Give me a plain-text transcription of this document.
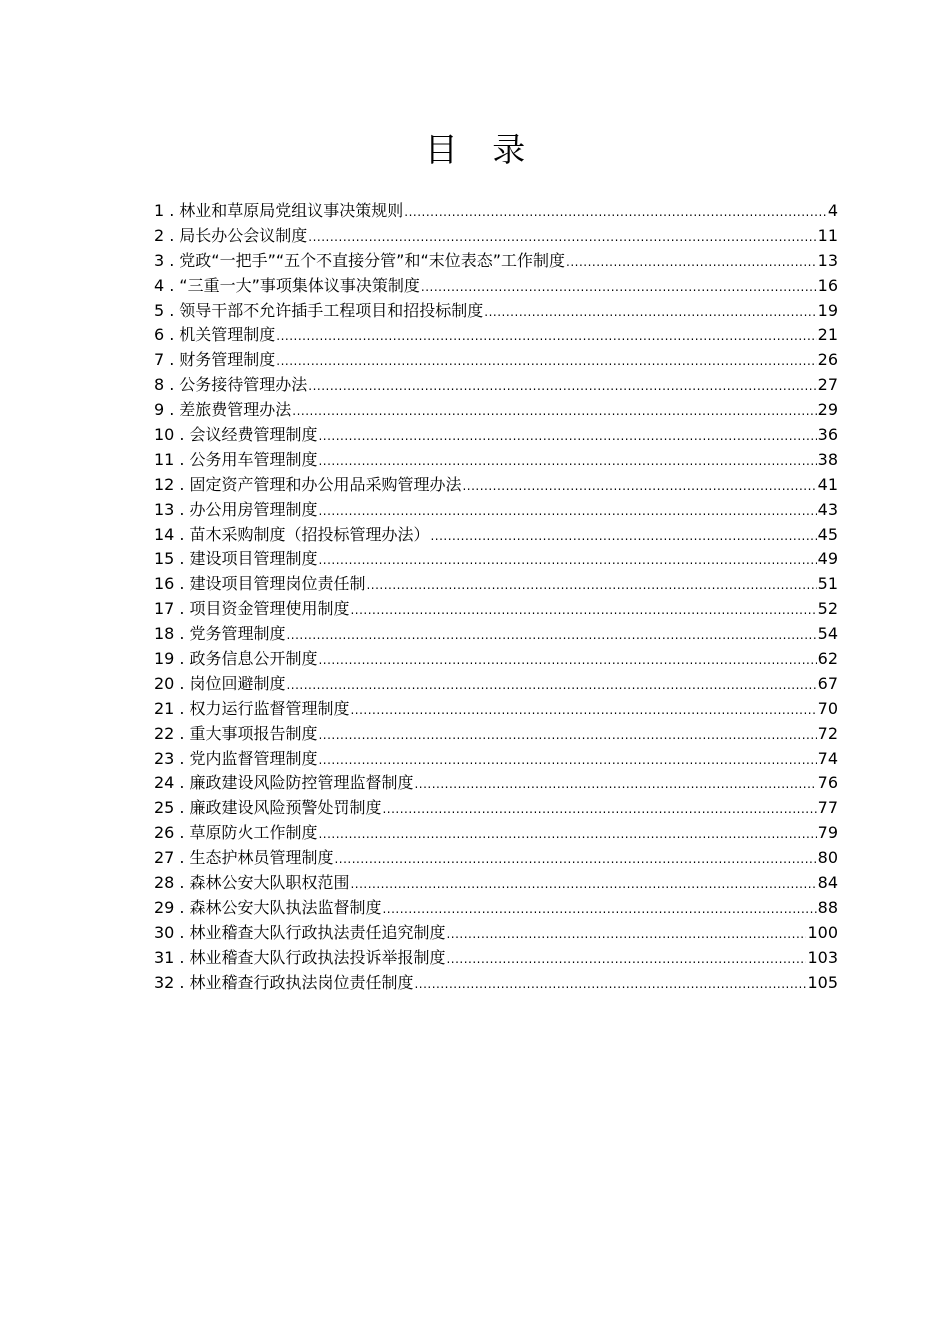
目 录
1 . 林业和草原局党组议事决策规则 .....	4
2 . 局长办公会议制度 .....	11
3 . 党政“一把手”“五个不直接分管”和“末位表态”工作制度 .....	13
4 . “三重一大”事项集体议事决策制度 .....	16
5 . 领导干部不允许插手工程项目和招投标制度 .....	19
6 . 机关管理制度 .....	21
7 . 财务管理制度 .....	26
8 . 公务接待管理办法 .....	27
9 . 差旅费管理办法 .....	29
10 . 会议经费管理制度 .....	36
11 . 公务用车管理制度 .....	38
12 . 固定资产管理和办公用品采购管理办法 .....	41
13 . 办公用房管理制度 .....	43
14 . 苗木采购制度（招投标管理办法） .....	45
15 . 建设项目管理制度 .....	49
16 . 建设项目管理岗位责任制 .....	51
17 . 项目资金管理使用制度 .....	52
18 . 党务管理制度 .....	54
19 . 政务信息公开制度 .....	62
20 . 岗位回避制度 .....	67
21 . 权力运行监督管理制度 .....	70
22 . 重大事项报告制度 .....	72
23 . 党内监督管理制度 .....	74
24 . 廉政建设风险防控管理监督制度 .....	76
25 . 廉政建设风险预警处罚制度 .....	77
26 . 草原防火工作制度 .....	79
27 . 生态护林员管理制度 .....	80
28 . 森林公安大队职权范围 .....	84
29 . 森林公安大队执法监督制度 .....	88
30 . 林业稽查大队行政执法责任追究制度 .....	100
31 . 林业稽查大队行政执法投诉举报制度 .....	103
32 . 林业稽查行政执法岗位责任制度 .....	105
